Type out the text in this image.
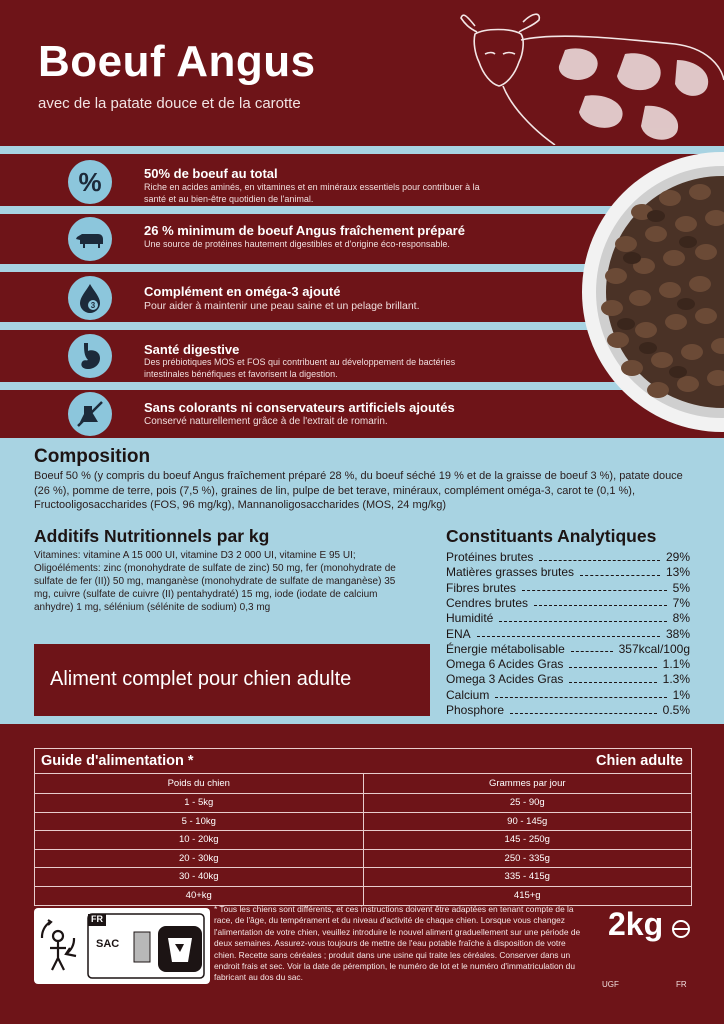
Boeuf Angus
avec de la patate douce et de la carotte
%	50% de boeuf au total
Riche en acides aminés, en vitamines et en minéraux essentiels pour contribuer à la santé et au bien-être quotidien de l'animal.
26 % minimum de boeuf Angus fraîchement préparé
Une source de protéines hautement digestibles et d'origine éco-responsable.
3
Complément en oméga-3 ajouté
Pour aider à maintenir une peau saine et un pelage brillant.
Santé digestive
Des prébiotiques MOS et FOS qui contribuent au développement de bactéries intestinales bénéfiques et favorisent la digestion.
Sans colorants ni conservateurs artificiels ajoutés
Conservé naturellement grâce à de l'extrait de romarin.
Composition
Boeuf 50 % (y compris du boeuf Angus fraîchement préparé 28 %, du boeuf séché 19 % et de la graisse de boeuf 3 %), patate douce (26 %), pomme de terre, pois (7,5 %), graines de lin, pulpe de bet terave, minéraux, complément oméga-3, carot te (0,1 %), Fructooligosaccharides (FOS, 96 mg/kg), Mannanoligosaccharides (MOS, 24 mg/kg)
Additifs Nutritionnels par kg
Vitamines: vitamine A 15 000 UI, vitamine D3 2 000 UI, vitamine E 95 UI; Oligoéléments: zinc (monohydrate de sulfate de zinc) 50 mg, fer (monohydrate de sulfate de fer (II)) 50 mg, manganèse (monohydrate de sulfate de manganèse) 35 mg, cuivre (sulfate de cuivre (II) pentahydraté) 15 mg, iode (iodate de calcium anhydre) 1 mg, sélénium (sélénite de sodium) 0,3 mg
Constituants Analytiques
Aliment complet pour chien adulte
Protéines brutes	29%
Matières grasses brutes	13%
Fibres brutes	5%
Cendres brutes	7%
Humidité	8%
ENA	38%
Énergie métabolisable	357kcal/100g
Omega 6 Acides Gras	1.1%
Omega 3 Acides Gras	1.3%
Calcium	1%
Phosphore	0.5%
Guide d'alimentation *	Chien adulte
Poids du chien	Grammes par jour
1 - 5kg	25 - 90g
5 - 10kg	90 - 145g
10 - 20kg	145 - 250g
20 - 30kg	250 - 335g
30 - 40kg	335 - 415g
40+kg	415+g
FR
SAC
* Tous les chiens sont différents, et ces instructions doivent être adaptées en tenant compte de la race, de l'âge, du tempérament et du niveau d'activité de chaque chien. Lorsque vous changez l'alimentation de votre chien, veuillez introduire le nouvel aliment graduellement sur une période de deux semaines. Assurez-vous toujours de mettre de l'eau potable fraîche à disposition de votre chien. Recette sans céréales ; produit dans une usine qui traite les céréales. Conserver dans un endroit frais et sec. Voir la date de péremption, le numéro de lot et le numéro d'immatriculation du fabricant au dos du sac.
2kg
UGF	FR
